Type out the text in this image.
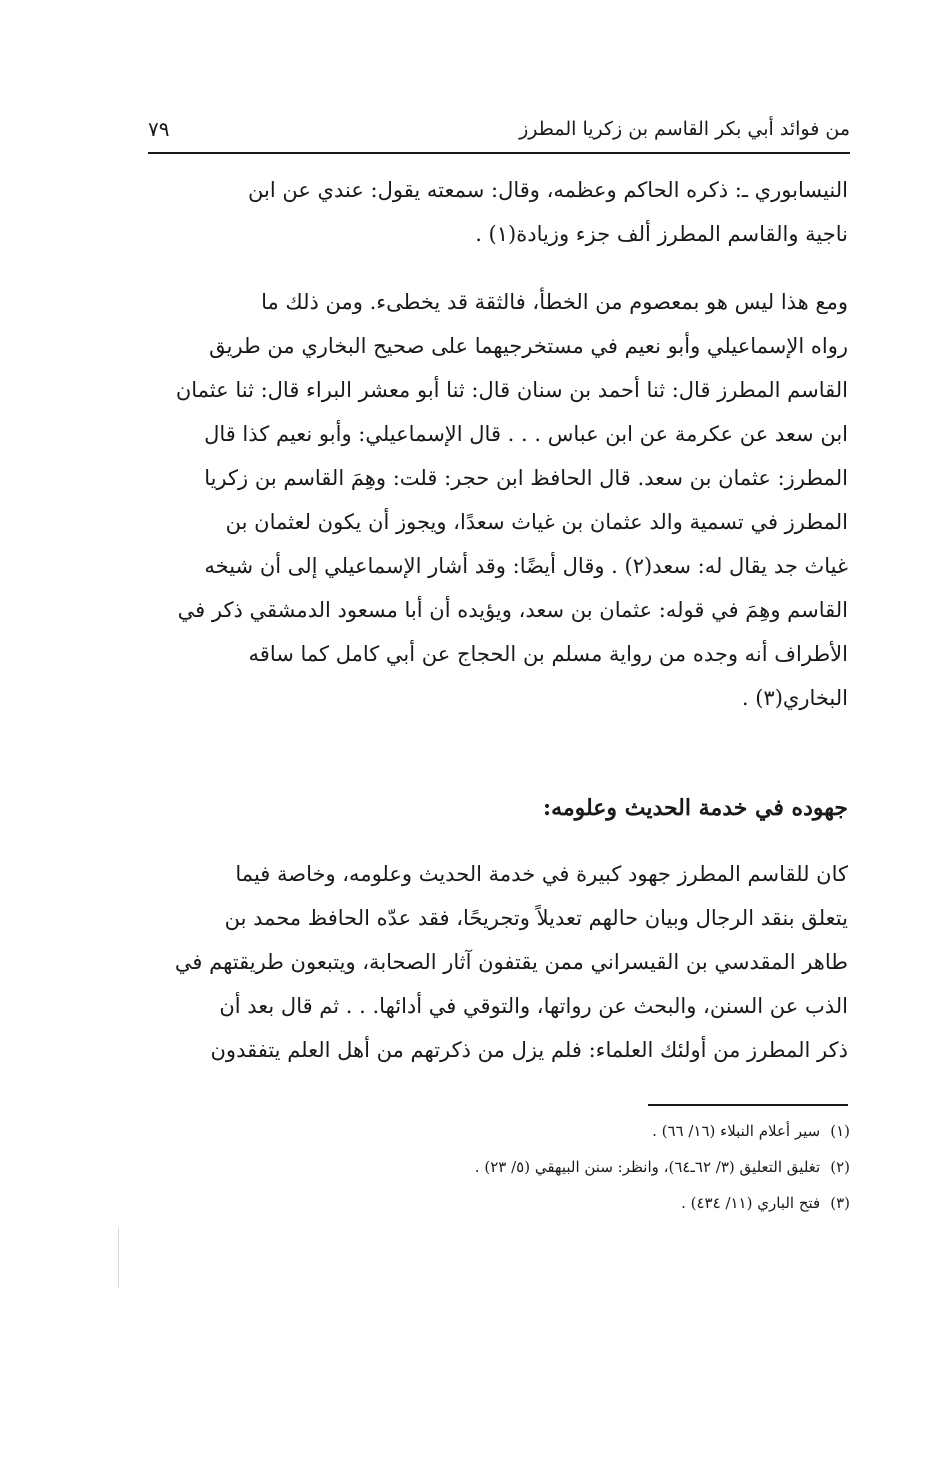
من فوائد أبي بكر القاسم بن زكريا المطرز
٧٩
النيسابوري ـ: ذكره الحاكم وعظمه، وقال: سمعته يقول: عندي عن ابن
ناجية والقاسم المطرز ألف جزء وزيادة(١) .
ومع هذا ليس هو بمعصوم من الخطأ، فالثقة قد يخطىء. ومن ذلك ما
رواه الإسماعيلي وأبو نعيم في مستخرجيهما على صحيح البخاري من طريق
القاسم المطرز قال: ثنا أحمد بن سنان قال: ثنا أبو معشر البراء قال: ثنا عثمان
ابن سعد عن عكرمة عن ابن عباس . . . قال الإسماعيلي: وأبو نعيم كذا قال
المطرز: عثمان بن سعد. قال الحافظ ابن حجر: قلت: وهِمَ القاسم بن زكريا
المطرز في تسمية والد عثمان بن غياث سعدًا، ويجوز أن يكون لعثمان بن
غياث جد يقال له: سعد(٢) . وقال أيضًا: وقد أشار الإسماعيلي إلى أن شيخه
القاسم وهِمَ في قوله: عثمان بن سعد، ويؤيده أن أبا مسعود الدمشقي ذكر في
الأطراف أنه وجده من رواية مسلم بن الحجاج عن أبي كامل كما ساقه
البخاري(٣) .
جهوده في خدمة الحديث وعلومه:
كان للقاسم المطرز جهود كبيرة في خدمة الحديث وعلومه، وخاصة فيما
يتعلق بنقد الرجال وبيان حالهم تعديلاً وتجريحًا، فقد عدّه الحافظ محمد بن
طاهر المقدسي بن القيسراني ممن يقتفون آثار الصحابة، ويتبعون طريقتهم في
الذب عن السنن، والبحث عن رواتها، والتوقي في أدائها. . . ثم قال بعد أن
ذكر المطرز من أولئك العلماء: فلم يزل من ذكرتهم من أهل العلم يتفقدون
(١)سير أعلام النبلاء (١٦/ ٦٦) .
(٢)تغليق التعليق (٣/ ٦٢ـ٦٤)، وانظر: سنن البيهقي (٥/ ٢٣) .
(٣)فتح الباري (١١/ ٤٣٤) .
